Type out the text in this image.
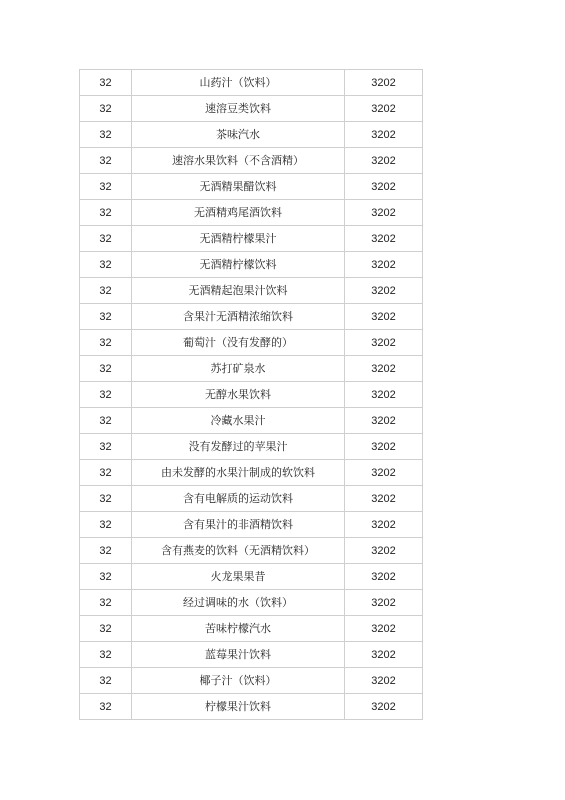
32	山药汁（饮料）	3202
32	速溶豆类饮料	3202
32	茶味汽水	3202
32	速溶水果饮料（不含酒精）	3202
32	无酒精果醋饮料	3202
32	无酒精鸡尾酒饮料	3202
32	无酒精柠檬果汁	3202
32	无酒精柠檬饮料	3202
32	无酒精起泡果汁饮料	3202
32	含果汁无酒精浓缩饮料	3202
32	葡萄汁（没有发酵的）	3202
32	苏打矿泉水	3202
32	无醇水果饮料	3202
32	冷藏水果汁	3202
32	没有发酵过的苹果汁	3202
32	由未发酵的水果汁制成的软饮料	3202
32	含有电解质的运动饮料	3202
32	含有果汁的非酒精饮料	3202
32	含有燕麦的饮料（无酒精饮料）	3202
32	火龙果果昔	3202
32	经过调味的水（饮料）	3202
32	苦味柠檬汽水	3202
32	蓝莓果汁饮料	3202
32	椰子汁（饮料）	3202
32	柠檬果汁饮料	3202
